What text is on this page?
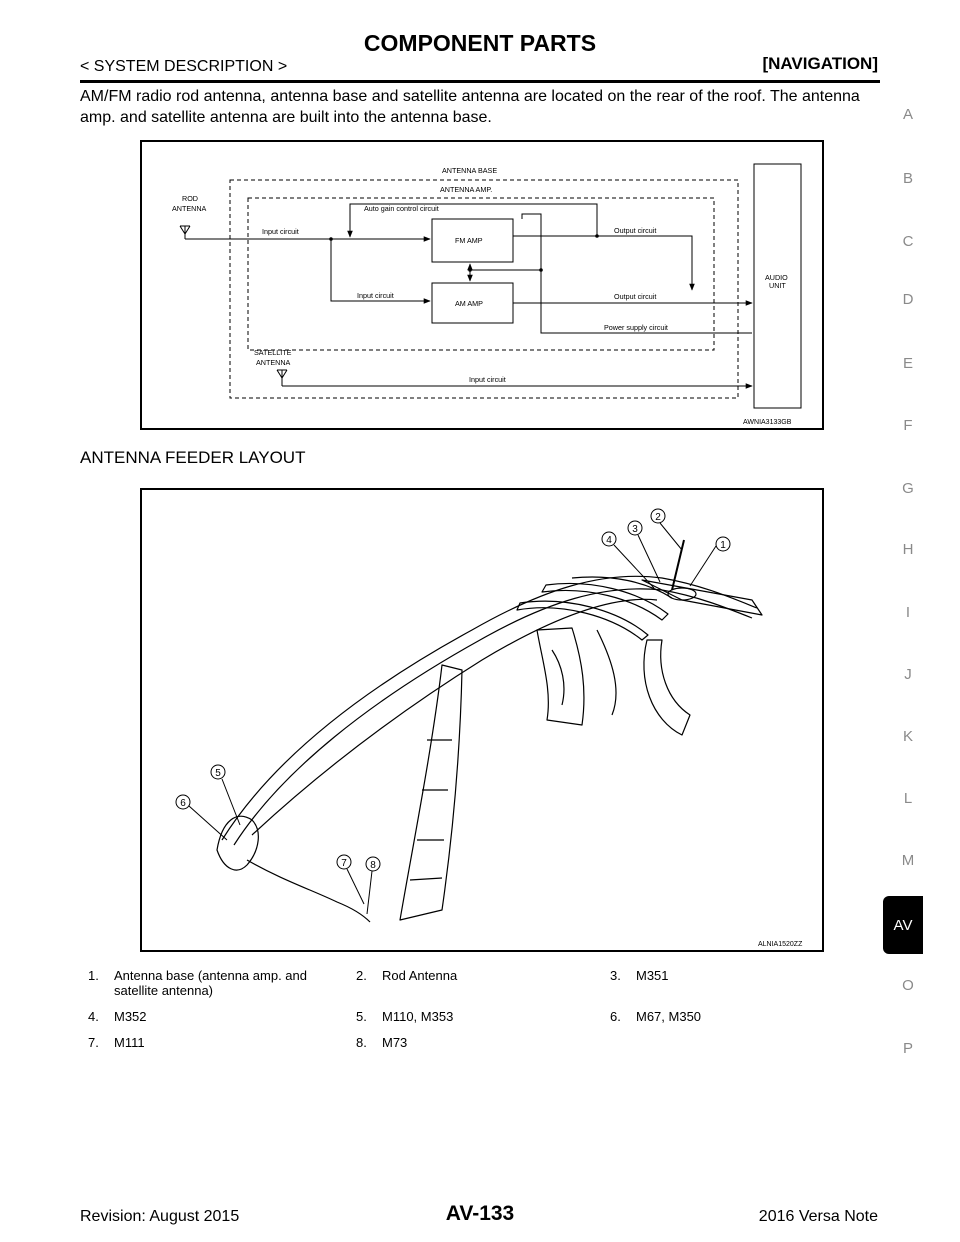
COMPONENT PARTS
< SYSTEM DESCRIPTION >	[NAVIGATION]
AM/FM radio rod antenna, antenna base and satellite antenna are located on the rear of the roof. The antenna amp. and satellite antenna are built into the antenna base.	A
B
C
D
E
F
G
H
I
J
K
L
M
AV
O
P
ANTENNA BASE
ANTENNA AMP.
ROD
ANTENNA	Auto gain control circuit
Input circuit
Input circuit
Input circuit
Output circuit
Output circuit
Power supply circuit
FM AMP
AM AMP
SATELLITE
ANTENNA
AUDIO
UNIT
AWNIA3133GB
ANTENNA FEEDER LAYOUT
1
2
3
4
5
6
7 8
ALNIA1520ZZ
1.	Antenna base (antenna amp. and
satellite antenna)
2.	Rod Antenna	3.	M351
4.	M352	5.	M110, M353	6.	M67, M350
7.	M111	8.	M73
Revision: August 2015	AV-133	2016 Versa Note
